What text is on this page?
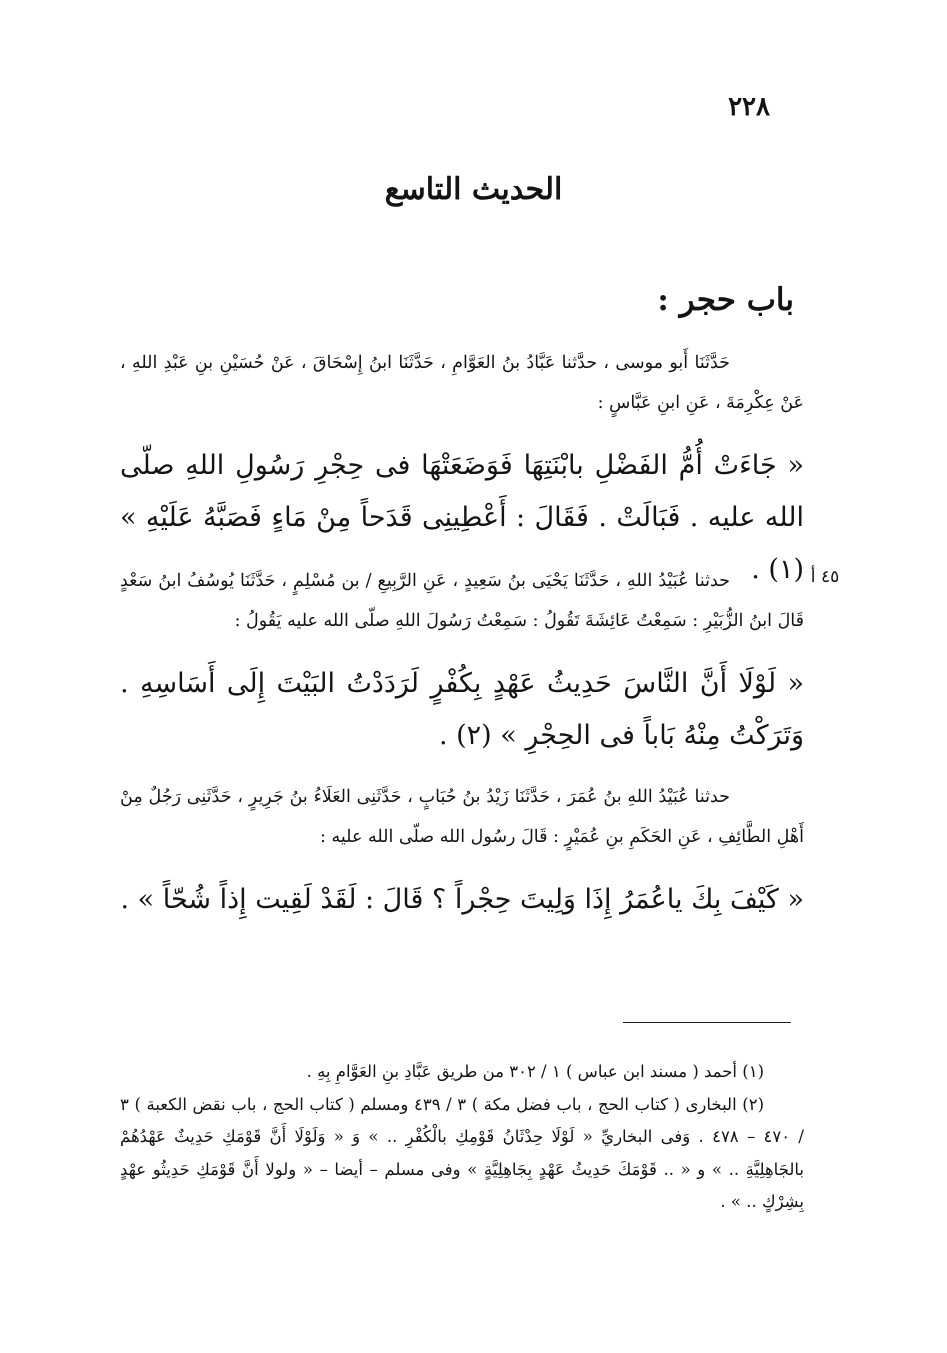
٢٢٨
الحديث التاسع
باب حجر :
حَدَّثَنَا أَبو موسى ، حدَّثنا عَبَّادُ بنُ العَوَّامِ ، حَدَّثَنَا ابنُ إِسْحَاقَ ، عَنْ حُسَيْنِ بنِ عَبْدِ اللهِ ، عَنْ عِكْرِمَةَ ، عَنِ ابنِ عَبَّاسٍ :
« جَاءَتْ أُمُّ الفَضْلِ بابْنَتِهَا فَوَضَعَتْهَا فى حِجْرِ رَسُولِ اللهِ صلّى الله عليه . فَبَالَتْ . فَقَالَ : أَعْطِينِى قَدَحاً مِنْ مَاءٍ فَصَبَّهُ عَلَيْهِ » (١) . ٤٥ أ
حدثنا عُبَيْدُ اللهِ ، حَدَّثَنَا يَحْيَى بنُ سَعِيدٍ ، عَنِ الرَّبِيعِ / بن مُسْلِمٍ ، حَدَّثَنَا يُوسُفُ ابنُ سَعْدٍ قَالَ ابنُ الزُّبَيْرِ : سَمِعْتُ عَائِشَةَ تَقُولُ : سَمِعْتُ رَسُولَ اللهِ صلّى الله عليه يَقُولُ :
« لَوْلَا أَنَّ النَّاسَ حَدِيثُ عَهْدٍ بِكُفْرٍ لَرَدَدْتُ البَيْتَ إِلَى أَسَاسِهِ . وَتَرَكْتُ مِنْهُ بَاباً فى الحِجْرِ » (٢) .
حدثنا عُبَيْدُ اللهِ بنُ عُمَرَ ، حَدَّثَنَا زَيْدُ بنُ حُبَابٍ ، حَدَّثَنِى العَلَاءُ بنُ جَرِيرٍ ، حَدَّثَنِى رَجُلٌ مِنْ أَهْلِ الطَّائِفِ ، عَنِ الحَكَمِ بنِ عُمَيْرٍ : قَالَ رسُول الله صلّى الله عليه :
« كَيْفَ بِكَ ياعُمَرُ إِذَا وَلِيتَ حِجْراً ؟ قَالَ : لَقَدْ لَقِيت إِذاً شُحّاً » .

(١) أحمد ( مسند ابن عباس ) ١ / ٣٠٢ من طريق عَبَّادِ بنِ العَوَّامِ بِهِ .

(٢) البخارى ( كتاب الحج ، باب فضل مكة ) ٣ / ٤٣٩ ومسلم ( كتاب الحج ، باب نقض الكعبة ) ٣ / ٤٧٠ – ٤٧٨ . وَفى البخاريِّ « لَوْلَا حِدْثَانُ قَوْمِكِ بالْكُفْرِ .. » وَ « وَلَوْلَا أَنَّ قَوْمَكِ حَدِيثٌ عَهْدُهُمْ بالجَاهِلِيَّةِ .. » و « .. قَوْمَكَ حَدِيثُ عَهْدٍ بِجَاهِلِيَّةٍ » وفى مسلم – أيضا – « ولولا أَنَّ قَوْمَكِ حَدِيثُو عهْدٍ بِشِرْكٍ .. » .
